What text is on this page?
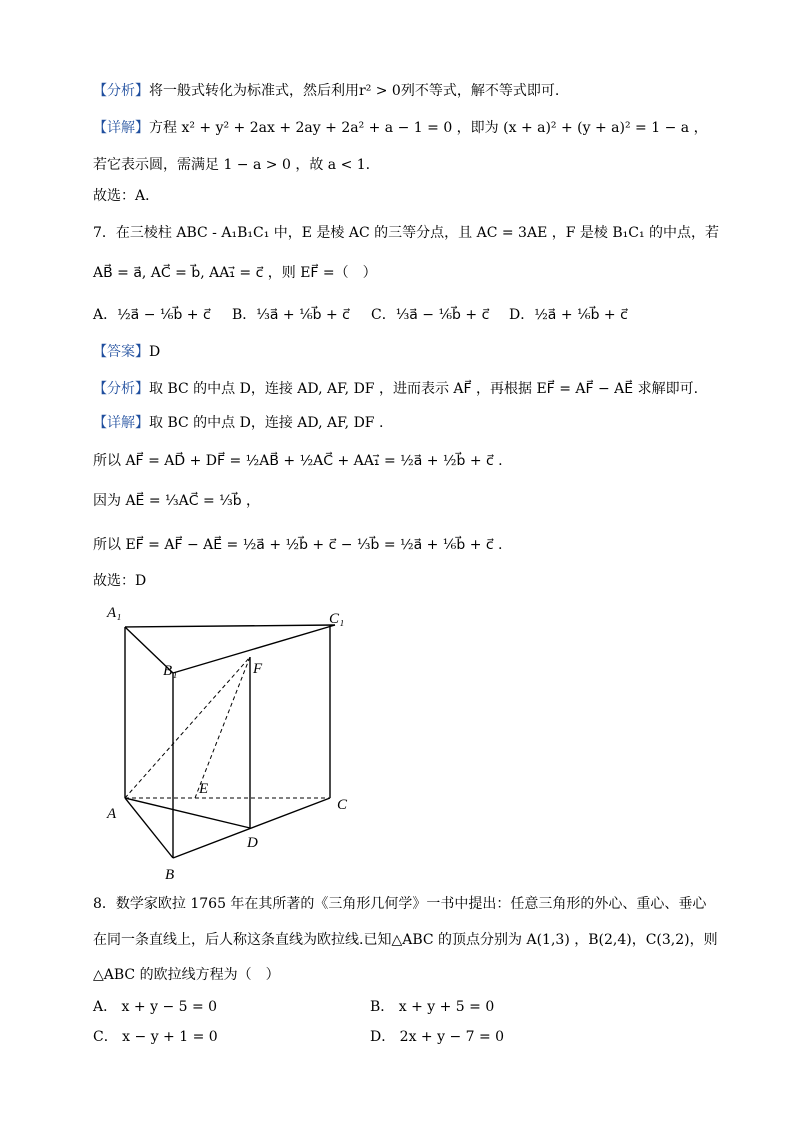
【分析】将一般式转化为标准式，然后利用r² > 0列不等式，解不等式即可.
【详解】方程 x² + y² + 2ax + 2ay + 2a² + a − 1 = 0 ，即为 (x + a)² + (y + a)² = 1 − a ，
若它表示圆，需满足 1 − a > 0 ，故 a < 1.
故选：A．
7．在三棱柱 ABC - A₁B₁C₁ 中，E 是棱 AC 的三等分点，且 AC = 3AE ，F 是棱 B₁C₁ 的中点，若
AB⃗ = a⃗, AC⃗ = b⃗, AA₁⃗ = c⃗ ，则 EF⃗ =（　）
A．½a⃗ − ⅙b⃗ + c⃗ B．⅓a⃗ + ⅙b⃗ + c⃗ C．⅓a⃗ − ⅙b⃗ + c⃗ D．½a⃗ + ⅙b⃗ + c⃗
【答案】D
【分析】取 BC 的中点 D，连接 AD, AF, DF ，进而表示 AF⃗ ，再根据 EF⃗ = AF⃗ − AE⃗ 求解即可.
【详解】取 BC 的中点 D，连接 AD, AF, DF .
所以 AF⃗ = AD⃗ + DF⃗ = ½AB⃗ + ½AC⃗ + AA₁⃗ = ½a⃗ + ½b⃗ + c⃗ .
因为 AE⃗ = ⅓AC⃗ = ⅓b⃗ ，
所以 EF⃗ = AF⃗ − AE⃗ = ½a⃗ + ½b⃗ + c⃗ − ⅓b⃗ = ½a⃗ + ⅙b⃗ + c⃗ .
故选：D
A₁	C₁
B₁	F
E
A
C
D
B
8．数学家欧拉 1765 年在其所著的《三角形几何学》一书中提出：任意三角形的外心、重心、垂心
在同一条直线上，后人称这条直线为欧拉线.已知△ABC 的顶点分别为 A(1,3) ，B(2,4)，C(3,2)，则
△ABC 的欧拉线方程为（　）
A． x + y − 5 = 0	B． x + y + 5 = 0
C． x − y + 1 = 0	D． 2x + y − 7 = 0
